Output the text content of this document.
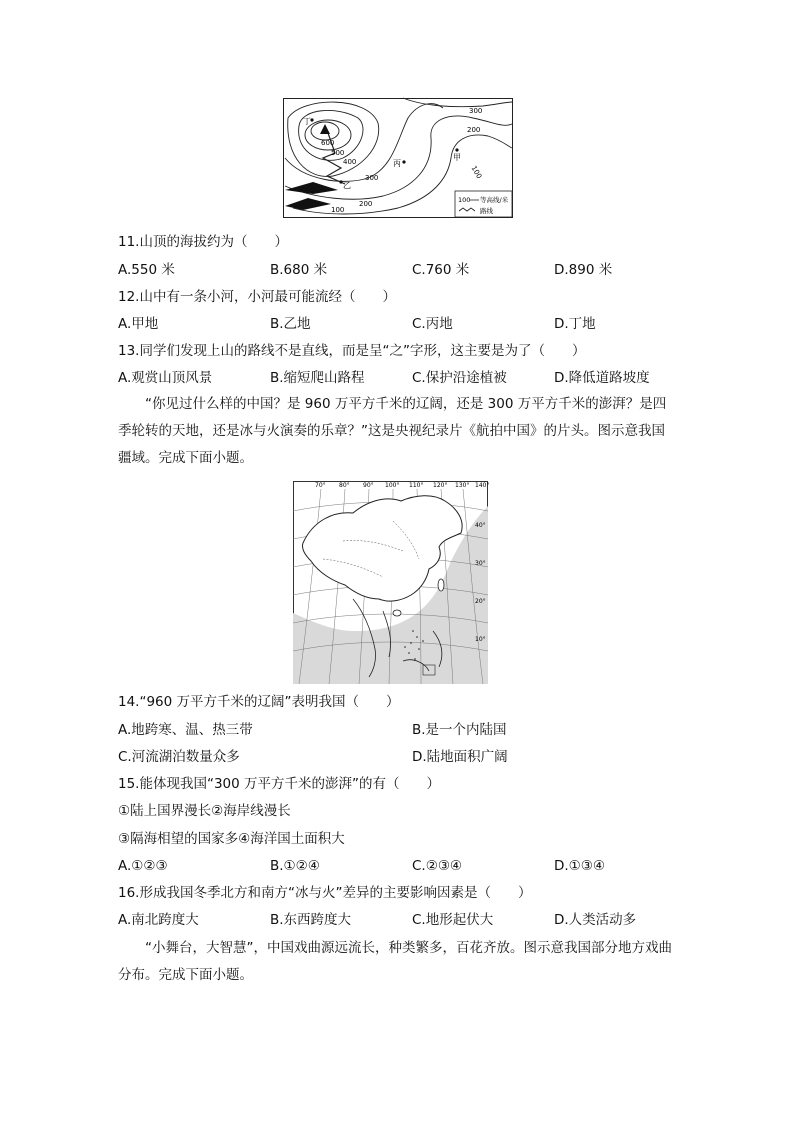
丁
丙
甲
乙
300
200
100
600
500
400
300
200
100
100 等高线/米
路线
11.山顶的海拔约为（　　）
A.550 米	B.680 米	C.760 米	D.890 米
12.山中有一条小河，小河最可能流经（　　）
A.甲地	B.乙地	C.丙地	D.丁地
13.同学们发现上山的路线不是直线，而是呈“之”字形，这主要是为了（　　）
A.观赏山顶风景	B.缩短爬山路程	C.保护沿途植被	D.降低道路坡度
“你见过什么样的中国？是 960 万平方千米的辽阔，还是 300 万平方千米的澎湃？是四季轮转的天地，还是冰与火演奏的乐章？”这是央视纪录片《航拍中国》的片头。图示意我国疆域。完成下面小题。
70° 80° 90° 100° 110° 120° 130° 140°
40°
30°
20°
10°
14.“960 万平方千米的辽阔”表明我国（　　）
A.地跨寒、温、热三带	B.是一个内陆国
C.河流湖泊数量众多	D.陆地面积广阔
15.能体现我国“300 万平方千米的澎湃”的有（　　）
①陆上国界漫长②海岸线漫长
③隔海相望的国家多④海洋国土面积大
A.①②③	B.①②④	C.②③④	D.①③④
16.形成我国冬季北方和南方“冰与火”差异的主要影响因素是（　　）
A.南北跨度大	B.东西跨度大	C.地形起伏大	D.人类活动多
“小舞台，大智慧”，中国戏曲源远流长，种类繁多，百花齐放。图示意我国部分地方戏曲分布。完成下面小题。
